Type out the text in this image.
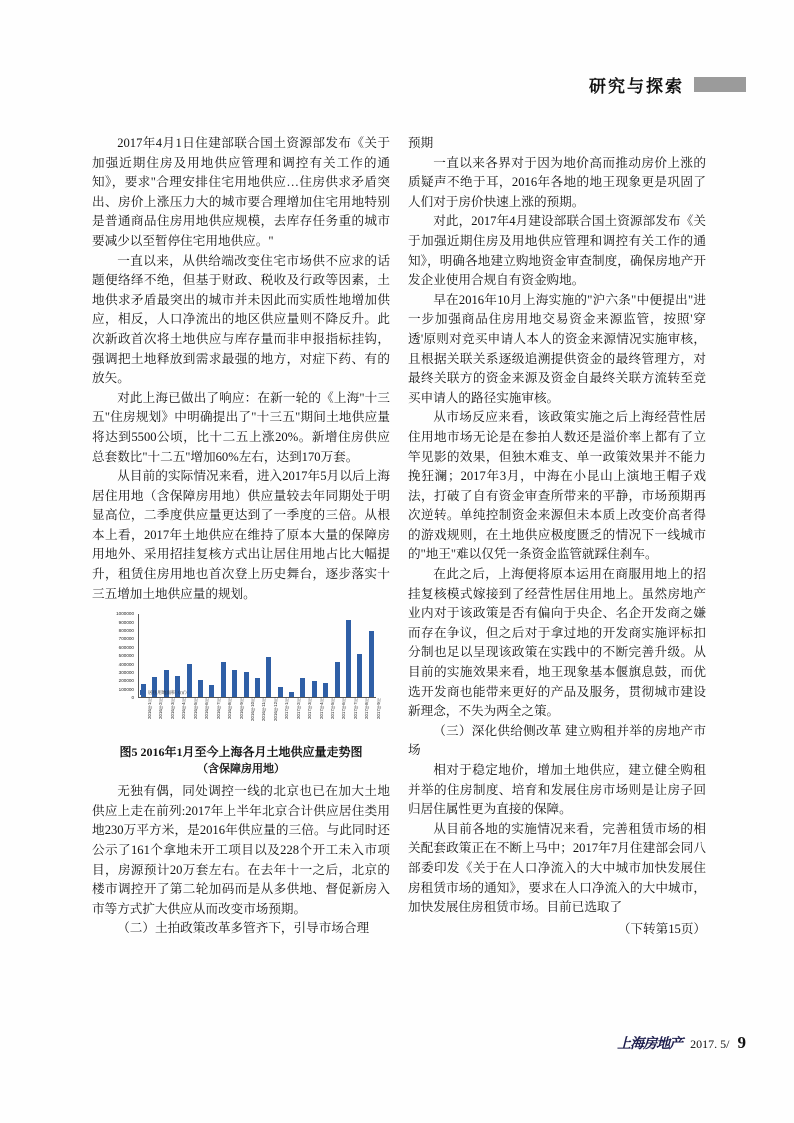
研究与探索

2017年4月1日住建部联合国土资源部发布《关于加强近期住房及用地供应管理和调控有关工作的通知》，要求"合理安排住宅用地供应…住房供求矛盾突出、房价上涨压力大的城市要合理增加住宅用地特别是普通商品住房用地供应规模，去库存任务重的城市要减少以至暂停住宅用地供应。"

一直以来，从供给端改变住宅市场供不应求的话题便络绎不绝，但基于财政、税收及行政等因素，土地供求矛盾最突出的城市并未因此而实质性地增加供应，相反，人口净流出的地区供应量则不降反升。此次新政首次将土地供应与库存量而非申报指标挂钩，强调把土地释放到需求最强的地方，对症下药、有的放矢。

对此上海已做出了响应：在新一轮的《上海"十三五"住房规划》中明确提出了"十三五"期间土地供应量将达到5500公顷，比十二五上涨20%。新增住房供应总套数比"十二五"增加60%左右，达到170万套。

从目前的实际情况来看，进入2017年5月以后上海居住用地（含保障房用地）供应量较去年同期处于明显高位，二季度供应量更达到了一季度的三倍。从根本上看，2017年土地供应在维持了原本大量的保障房用地外、采用招挂复核方式出让居住用地占比大幅提升，租赁住房用地也首次登上历史舞台，逐步落实十三五增加土地供应量的规划。

0
100000
200000
300000
400000
500000
600000
700000
800000
900000
1000000
居住用地面积（㎡）
2016年1月	2016年2月	2016年3月	2016年4月	2016年5月	2016年6月	2016年7月	2016年8月	2016年9月	2016年10月	2016年11月	2016年12月	2017年1月	2017年2月	2017年3月	2017年4月	2017年5月	2017年6月	2017年7月	2017年8月	2017年9月
图5 2016年1月至今上海各月土地供应量走势图
（含保障房用地）

无独有偶，同处调控一线的北京也已在加大土地供应上走在前列:2017年上半年北京合计供应居住类用地230万平方米，是2016年供应量的三倍。与此同时还公示了161个拿地未开工项目以及228个开工未入市项目，房源预计20万套左右。在去年十一之后，北京的楼市调控开了第二轮加码而是从多供地、督促新房入市等方式扩大供应从而改变市场预期。

（二）土拍政策改革多管齐下，引导市场合理

预期

一直以来各界对于因为地价高而推动房价上涨的质疑声不绝于耳，2016年各地的地王现象更是巩固了人们对于房价快速上涨的预期。

对此，2017年4月建设部联合国土资源部发布《关于加强近期住房及用地供应管理和调控有关工作的通知》，明确各地建立购地资金审查制度，确保房地产开发企业使用合规自有资金购地。

早在2016年10月上海实施的"沪六条"中便提出"进一步加强商品住房用地交易资金来源监管，按照'穿透'原则对竞买申请人本人的资金来源情况实施审核，且根据关联关系逐级追溯提供资金的最终管理方，对最终关联方的资金来源及资金自最终关联方流转至竞买申请人的路径实施审核。

从市场反应来看，该政策实施之后上海经营性居住用地市场无论是在参拍人数还是溢价率上都有了立竿见影的效果，但独木难支、单一政策效果并不能力挽狂澜；2017年3月，中海在小昆山上演地王帽子戏法，打破了自有资金审查所带来的平静，市场预期再次逆转。单纯控制资金来源但未本质上改变价高者得的游戏规则，在土地供应极度匮乏的情况下一线城市的"地王"难以仅凭一条资金监管就踩住刹车。

在此之后，上海便将原本运用在商服用地上的招挂复核模式嫁接到了经营性居住用地上。虽然房地产业内对于该政策是否有偏向于央企、名企开发商之嫌而存在争议，但之后对于拿过地的开发商实施评标扣分制也足以呈现该政策在实践中的不断完善升级。从目前的实施效果来看，地王现象基本偃旗息鼓，而优选开发商也能带来更好的产品及服务，贯彻城市建设新理念，不失为两全之策。

（三）深化供给侧改革 建立购租并举的房地产市场

相对于稳定地价，增加土地供应，建立健全购租并举的住房制度、培育和发展住房市场则是让房子回归居住属性更为直接的保障。

从目前各地的实施情况来看，完善租赁市场的相关配套政策正在不断上马中；2017年7月住建部会同八部委印发《关于在人口净流入的大中城市加快发展住房租赁市场的通知》，要求在人口净流入的大中城市，加快发展住房租赁市场。目前已选取了

（下转第15页）

上海房地产 2017. 5/ 9
